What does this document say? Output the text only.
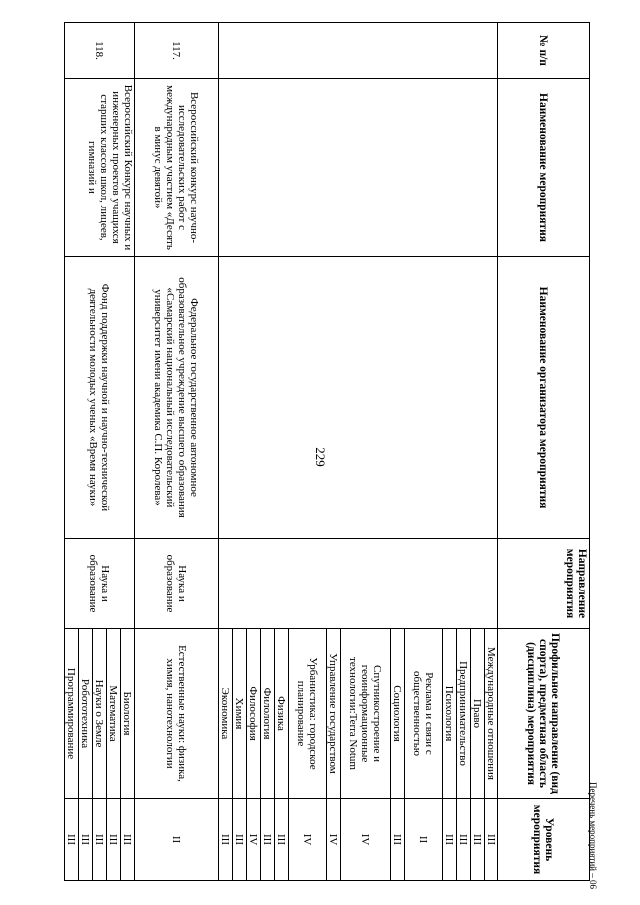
229
№ п/п	Наименование мероприятия	Наименование организатора мероприятия	Направление мероприятия	Профильное направление (вид спорта), предметная область (дисциплина) мероприятия	Уровень мероприятия
				Международные отношения	III
				Право	III
				Предпринимательство	III
				Психология	III
				Реклама и связи с общественностью	II
				Социология	III
				Спутникостроение и геоинформационные технологии:Terra Notum	IV
				Управление государством	IV
				Урбанистика: городское планирование	IV
				Физика	III
				Филология	III
				Философия	IV
				Химия	III
				Экономика	III
117.	Всероссийский конкурс научно-исследовательских работ с международным участием «Десять в минус девятой»	Федеральное государственное автономное образовательное учреждение высшего образования «Самарский национальный исследовательский университет имени академика С.П. Королева»	Наука и образование	Естественные науки: физика, химия, нанотехнологии	II
118.	Всероссийский Конкурс научных и инженерных проектов учащихся старших классов школ, лицеев, гимназий и	Фонд поддержки научной и научно-технической деятельности молодых ученых «Время науки»	Наука и образование	Биология	III
				Математика	III
				Науки о Земле	III
				Робототехника	III
				Программирование	III	Перечень мероприятий – 06
